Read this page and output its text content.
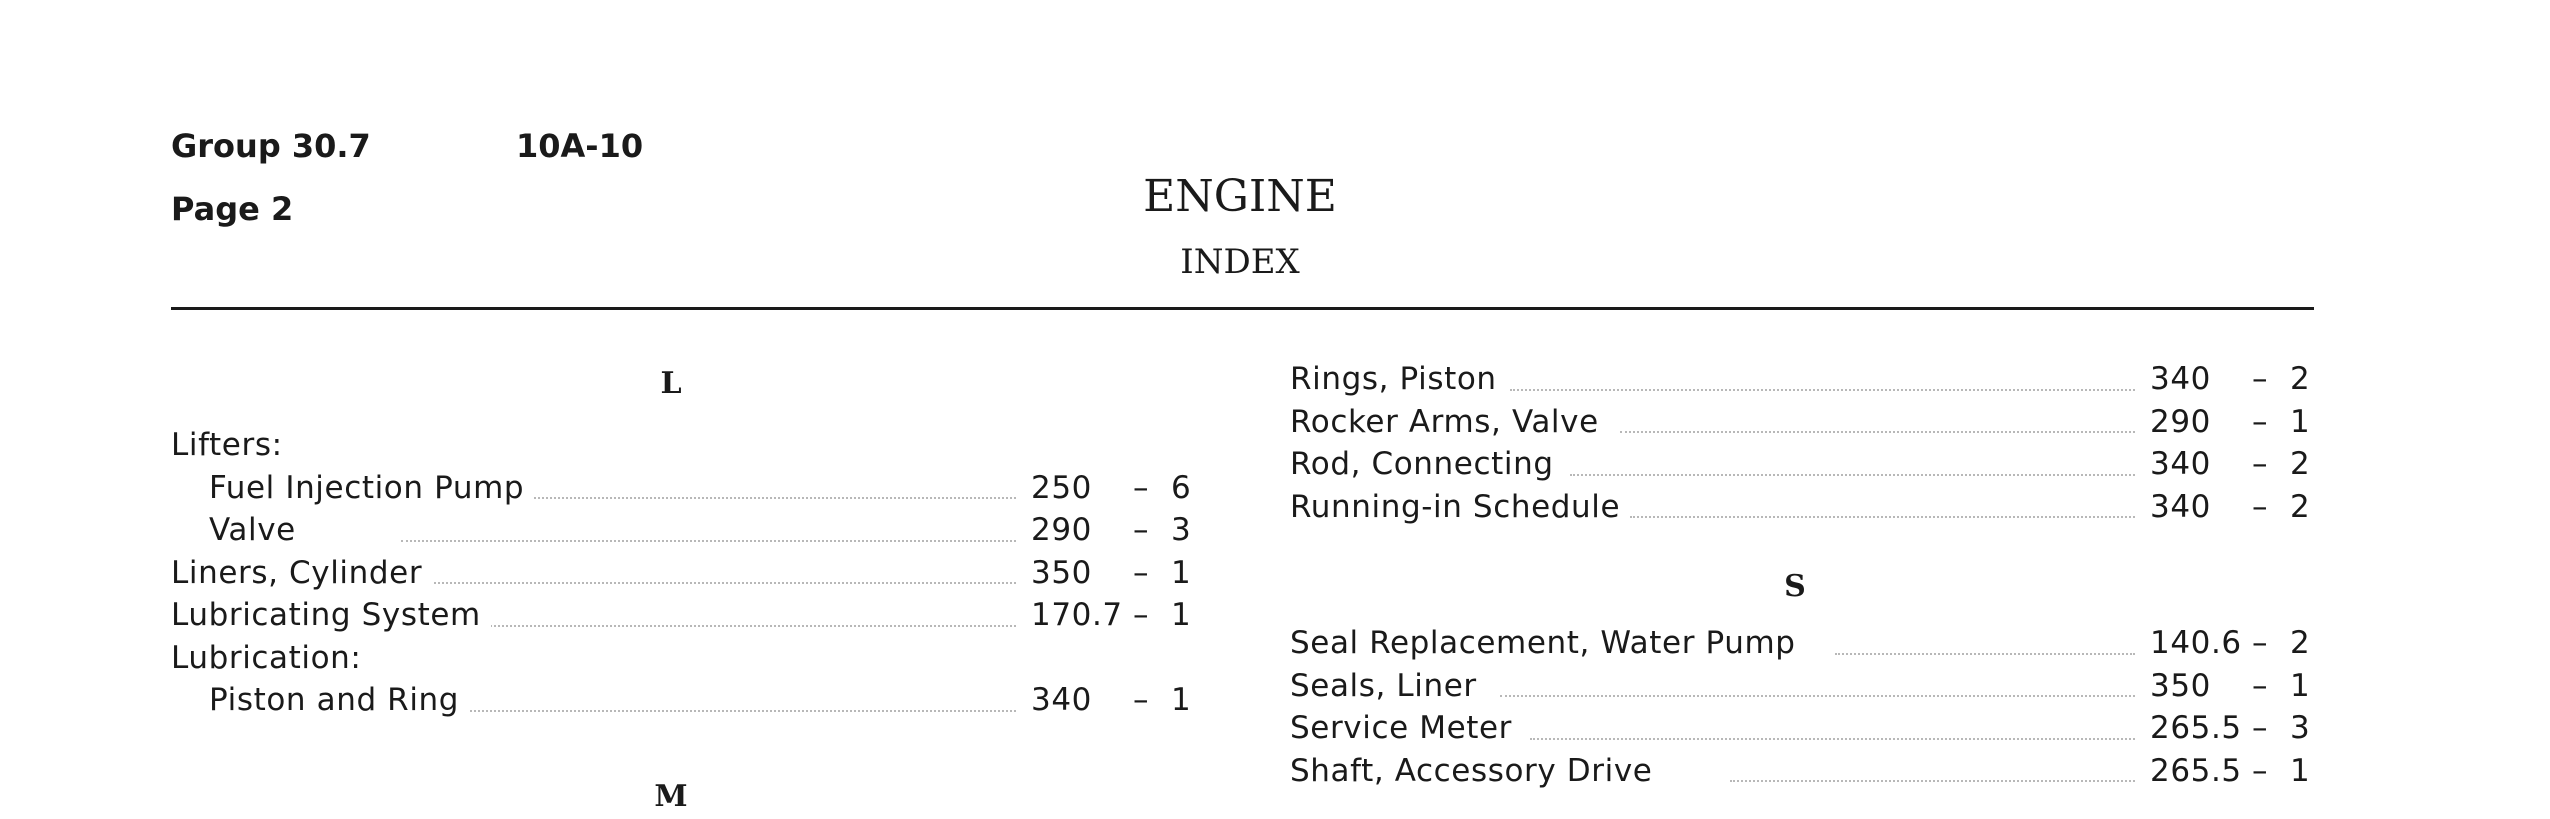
Group 30.7	10A-10
Page 2	ENGINE
INDEX
L
Lifters:
Fuel Injection Pump	250 – 6
Valve	290 – 3
Liners, Cylinder	350 – 1
Lubricating System	170.7 – 1
Lubrication:
Piston and Ring	340 – 1
M
Rings, Piston	340 – 2
Rocker Arms, Valve	290 – 1
Rod, Connecting	340 – 2
Running-in Schedule	340 – 2
S
Seal Replacement, Water Pump	140.6 – 2
Seals, Liner	350 – 1
Service Meter	265.5 – 3
Shaft, Accessory Drive	265.5 – 1
